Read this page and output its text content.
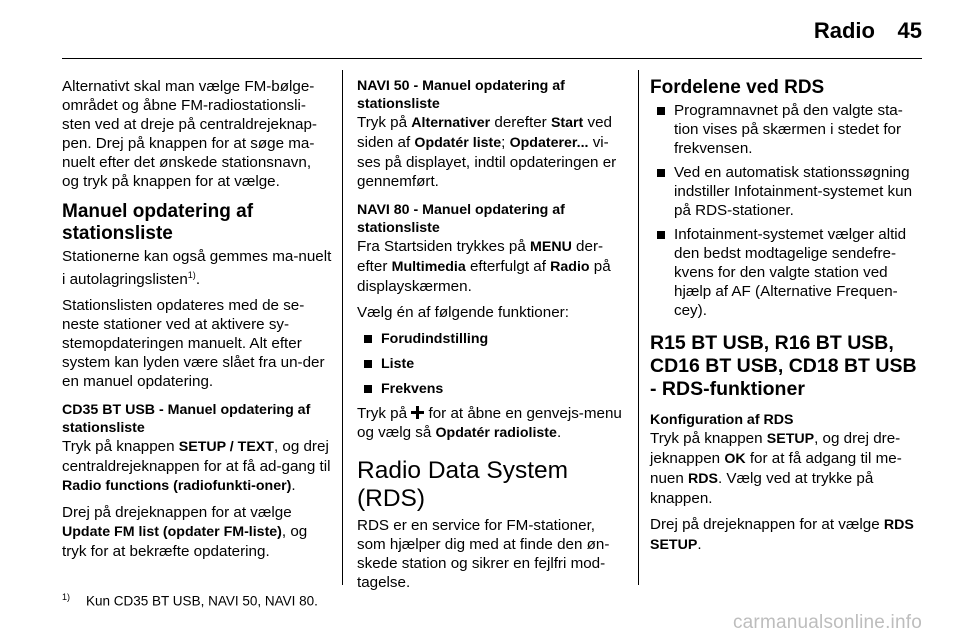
Radio 45

Alternativt skal man vælge FM-bølge-området og åbne FM-radiostationsli-sten ved at dreje på centraldrejeknap-pen. Drej på knappen for at søge ma-nuelt efter det ønskede stationsnavn, og tryk på knappen for at vælge.

Manuel opdatering af stationsliste

Stationerne kan også gemmes ma-nuelt i autolagringslisten$^{1)}$.

Stationslisten opdateres med de se-neste stationer ved at aktivere sy-stemopdateringen manuelt. Alt efter system kan lyden være slået fra un-der en manuel opdatering.

CD35 BT USB - Manuel opdatering af stationsliste

Tryk på knappen SETUP / TEXT, og drej centraldrejeknappen for at få ad-gang til Radio functions (radiofunkti-oner).

Drej på drejeknappen for at vælge Update FM list (opdater FM-liste), og tryk for at bekræfte opdatering.

NAVI 50 - Manuel opdatering af stationsliste

Tryk på Alternativer derefter Start ved siden af Opdatér liste; Opdaterer... vi-ses på displayet, indtil opdateringen er gennemført.

NAVI 80 - Manuel opdatering af stationsliste

Fra Startsiden trykkes på MENU der-efter Multimedia efterfulgt af Radio på displayskærmen.

Vælg én af følgende funktioner:

Forudindstilling
Liste
Frekvens

Tryk på  for at åbne en genvejs-menu og vælg så Opdatér radioliste.

Radio Data System (RDS)

RDS er en service for FM-stationer, som hjælper dig med at finde den øn-skede station og sikrer en fejlfri mod-tagelse.

Fordelene ved RDS
Programnavnet på den valgte sta-tion vises på skærmen i stedet for frekvensen.
Ved en automatisk stationssøgning indstiller Infotainment-systemet kun på RDS-stationer.
Infotainment-systemet vælger altid den bedst modtagelige sendefre-kvens for den valgte station ved hjælp af AF (Alternative Frequen-cey).
R15 BT USB, R16 BT USB, CD16 BT USB, CD18 BT USB - RDS-funktioner
Konfiguration af RDS

Tryk på knappen SETUP, og drej dre-jeknappen OK for at få adgang til me-nuen RDS. Vælg ved at trykke på knappen.

Drej på drejeknappen for at vælge RDS SETUP.

$^{1)}$ Kun CD35 BT USB, NAVI 50, NAVI 80.
carmanualsonline.info
